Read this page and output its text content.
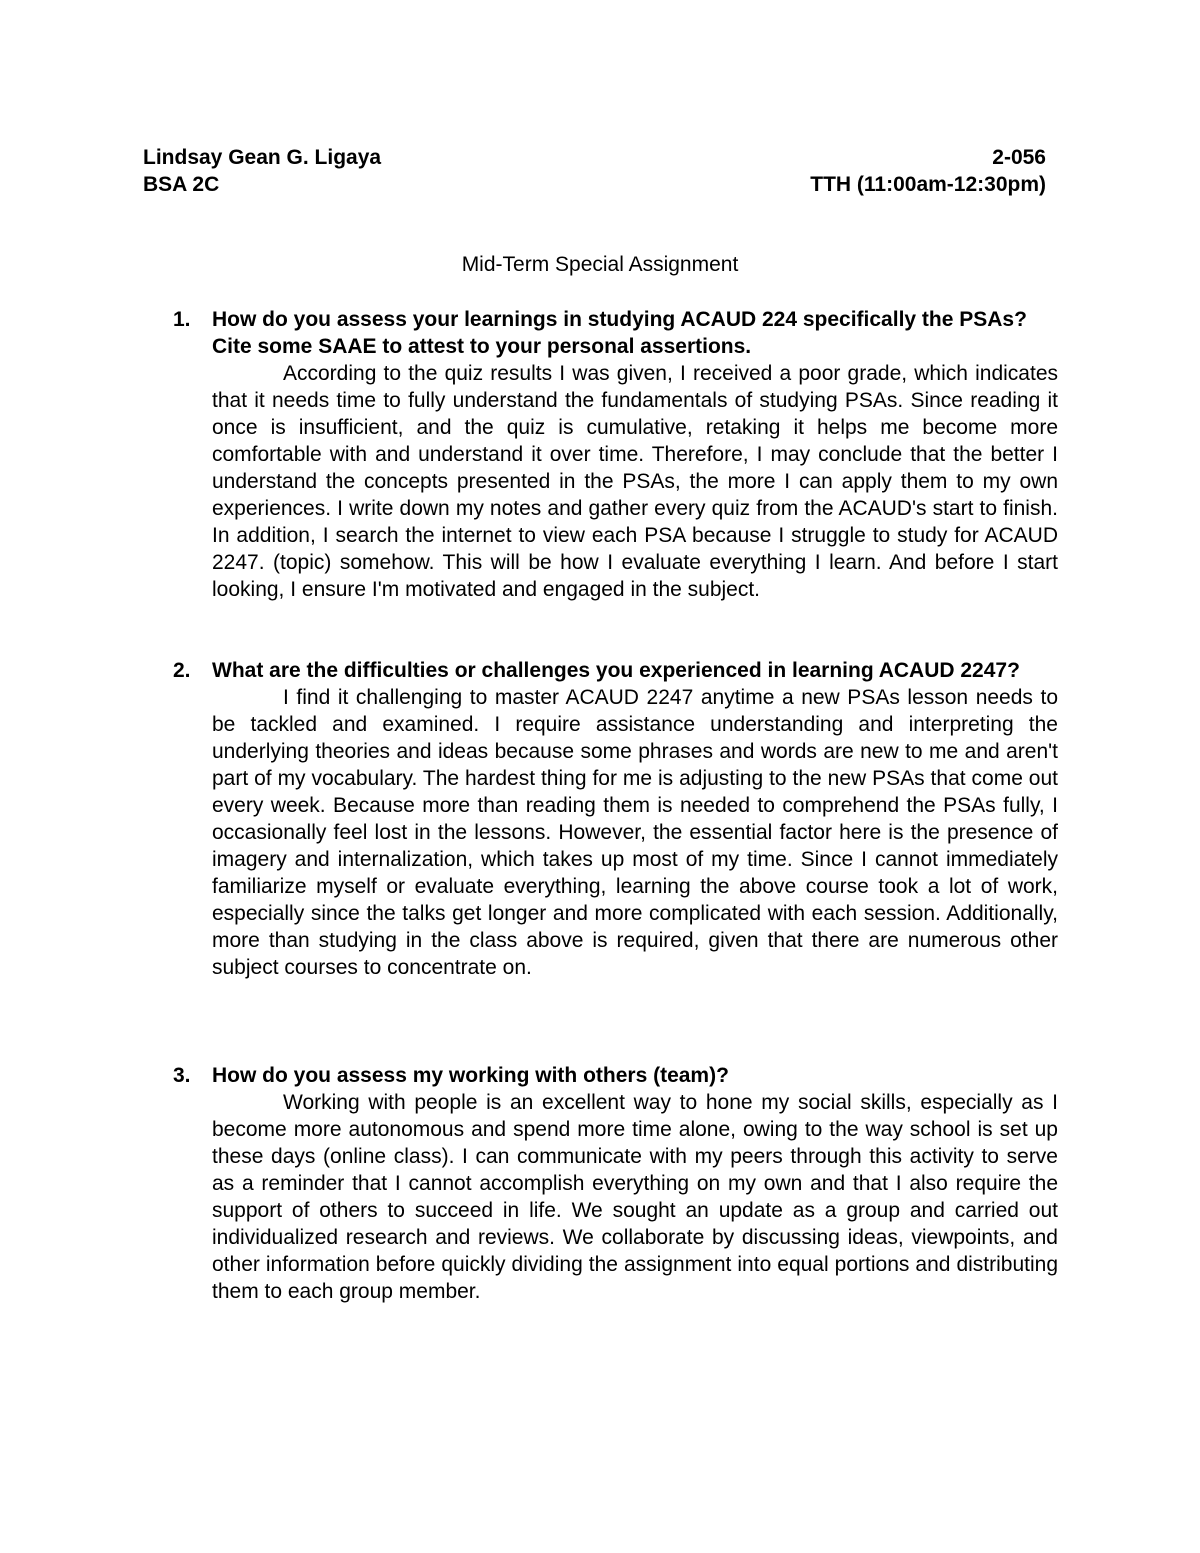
Lindsay Gean G. Ligaya	2-056
BSA 2C	TTH (11:00am-12:30pm)
Mid-Term Special Assignment
1.	How do you assess your learnings in studying ACAUD 224 specifically the PSAs? Cite some SAAE to attest to your personal assertions.

According to the quiz results I was given, I received a poor grade, which indicates that it needs time to fully understand the fundamentals of studying PSAs. Since reading it once is insufficient, and the quiz is cumulative, retaking it helps me become more comfortable with and understand it over time. Therefore, I may conclude that the better I understand the concepts presented in the PSAs, the more I can apply them to my own experiences. I write down my notes and gather every quiz from the ACAUD's start to finish. In addition, I search the internet to view each PSA because I struggle to study for ACAUD 2247. (topic) somehow. This will be how I evaluate everything I learn. And before I start looking, I ensure I'm motivated and engaged in the subject.

2.	What are the difficulties or challenges you experienced in learning ACAUD 2247?

I find it challenging to master ACAUD 2247 anytime a new PSAs lesson needs to be tackled and examined. I require assistance understanding and interpreting the underlying theories and ideas because some phrases and words are new to me and aren't part of my vocabulary. The hardest thing for me is adjusting to the new PSAs that come out every week. Because more than reading them is needed to comprehend the PSAs fully, I occasionally feel lost in the lessons. However, the essential factor here is the presence of imagery and internalization, which takes up most of my time. Since I cannot immediately familiarize myself or evaluate everything, learning the above course took a lot of work, especially since the talks get longer and more complicated with each session. Additionally, more than studying in the class above is required, given that there are numerous other subject courses to concentrate on.

3.	How do you assess my working with others (team)?

Working with people is an excellent way to hone my social skills, especially as I become more autonomous and spend more time alone, owing to the way school is set up these days (online class). I can communicate with my peers through this activity to serve as a reminder that I cannot accomplish everything on my own and that I also require the support of others to succeed in life. We sought an update as a group and carried out individualized research and reviews. We collaborate by discussing ideas, viewpoints, and other information before quickly dividing the assignment into equal portions and distributing them to each group member.
